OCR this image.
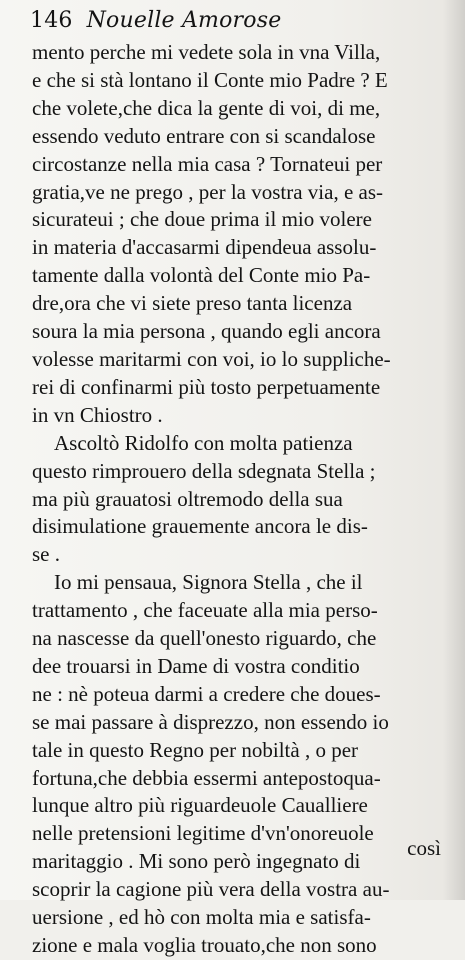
146 Nouelle Amorose
mento perche mi vedete sola in vna Villa,
e che si stà lontano il Conte mio Padre ? E
che volete,che dica la gente di voi, di me,
essendo veduto entrare con si scandalose
circostanze nella mia casa ? Tornateui per
gratia,ve ne prego , per la vostra via, e as-
sicurateui ; che doue prima il mio volere
in materia d'accasarmi dipendeua assolu-
tamente dalla volontà del Conte mio Pa-
dre,ora che vi siete preso tanta licenza
soura la mia persona , quando egli ancora
volesse maritarmi con voi, io lo suppliche-
rei di confinarmi più tosto perpetuamente
in vn Chiostro .
Ascoltò Ridolfo con molta patienza
questo rimprouero della sdegnata Stella ;
ma più grauatosi oltremodo della sua
disimulatione grauemente ancora le dis-
se .
Io mi pensaua, Signora Stella , che il
trattamento , che faceuate alla mia perso-
na nascesse da quell'onesto riguardo, che
dee trouarsi in Dame di vostra conditio
ne : nè poteua darmi a credere che doues-
se mai passare à disprezzo, non essendo io
tale in questo Regno per nobiltà , o per
fortuna,che debbia essermi antepostoqua-
lunque altro più riguardeuole Caualliere
nelle pretensioni legitime d'vn'onoreuole
maritaggio . Mi sono però ingegnato di
scoprir la cagione più vera della vostra au-
uersione , ed hò con molta mia e satisfa-
zione e mala voglia trouato,che non sono
così
